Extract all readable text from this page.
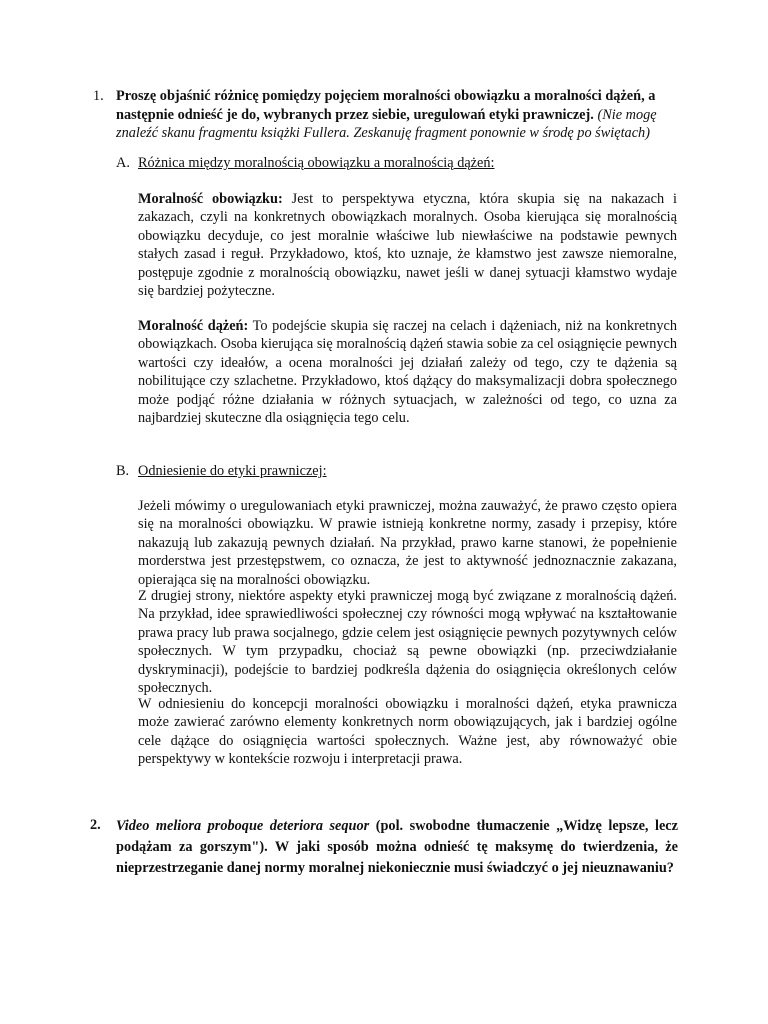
1. Proszę objaśnić różnicę pomiędzy pojęciem moralności obowiązku a moralności dążeń, a następnie odnieść je do, wybranych przez siebie, uregulowań etyki prawniczej. (Nie mogę znaleźć skanu fragmentu książki Fullera. Zeskanuję fragment ponownie w środę po świętach)
A. Różnica między moralnością obowiązku a moralnością dążeń:
Moralność obowiązku: Jest to perspektywa etyczna, która skupia się na nakazach i zakazach, czyli na konkretnych obowiązkach moralnych. Osoba kierująca się moralnością obowiązku decyduje, co jest moralnie właściwe lub niewłaściwe na podstawie pewnych stałych zasad i reguł. Przykładowo, ktoś, kto uznaje, że kłamstwo jest zawsze niemoralne, postępuje zgodnie z moralnością obowiązku, nawet jeśli w danej sytuacji kłamstwo wydaje się bardziej pożyteczne.
Moralność dążeń: To podejście skupia się raczej na celach i dążeniach, niż na konkretnych obowiązkach. Osoba kierująca się moralnością dążeń stawia sobie za cel osiągnięcie pewnych wartości czy ideałów, a ocena moralności jej działań zależy od tego, czy te dążenia są nobilitujące czy szlachetne. Przykładowo, ktoś dążący do maksymalizacji dobra społecznego może podjąć różne działania w różnych sytuacjach, w zależności od tego, co uzna za najbardziej skuteczne dla osiągnięcia tego celu.
B. Odniesienie do etyki prawniczej:
Jeżeli mówimy o uregulowaniach etyki prawniczej, można zauważyć, że prawo często opiera się na moralności obowiązku. W prawie istnieją konkretne normy, zasady i przepisy, które nakazują lub zakazują pewnych działań. Na przykład, prawo karne stanowi, że popełnienie morderstwa jest przestępstwem, co oznacza, że jest to aktywność jednoznacznie zakazana, opierająca się na moralności obowiązku.
Z drugiej strony, niektóre aspekty etyki prawniczej mogą być związane z moralnością dążeń. Na przykład, idee sprawiedliwości społecznej czy równości mogą wpływać na kształtowanie prawa pracy lub prawa socjalnego, gdzie celem jest osiągnięcie pewnych pozytywnych celów społecznych. W tym przypadku, chociaż są pewne obowiązki (np. przeciwdziałanie dyskryminacji), podejście to bardziej podkreśla dążenia do osiągnięcia określonych celów społecznych.
W odniesieniu do koncepcji moralności obowiązku i moralności dążeń, etyka prawnicza może zawierać zarówno elementy konkretnych norm obowiązujących, jak i bardziej ogólne cele dążące do osiągnięcia wartości społecznych. Ważne jest, aby równoważyć obie perspektywy w kontekście rozwoju i interpretacji prawa.
2. Video meliora proboque deteriora sequor (pol. swobodne tłumaczenie „Widzę lepsze, lecz podążam za gorszym"). W jaki sposób można odnieść tę maksymę do twierdzenia, że nieprzestrzeganie danej normy moralnej niekoniecznie musi świadczyć o jej nieuznawaniu?
